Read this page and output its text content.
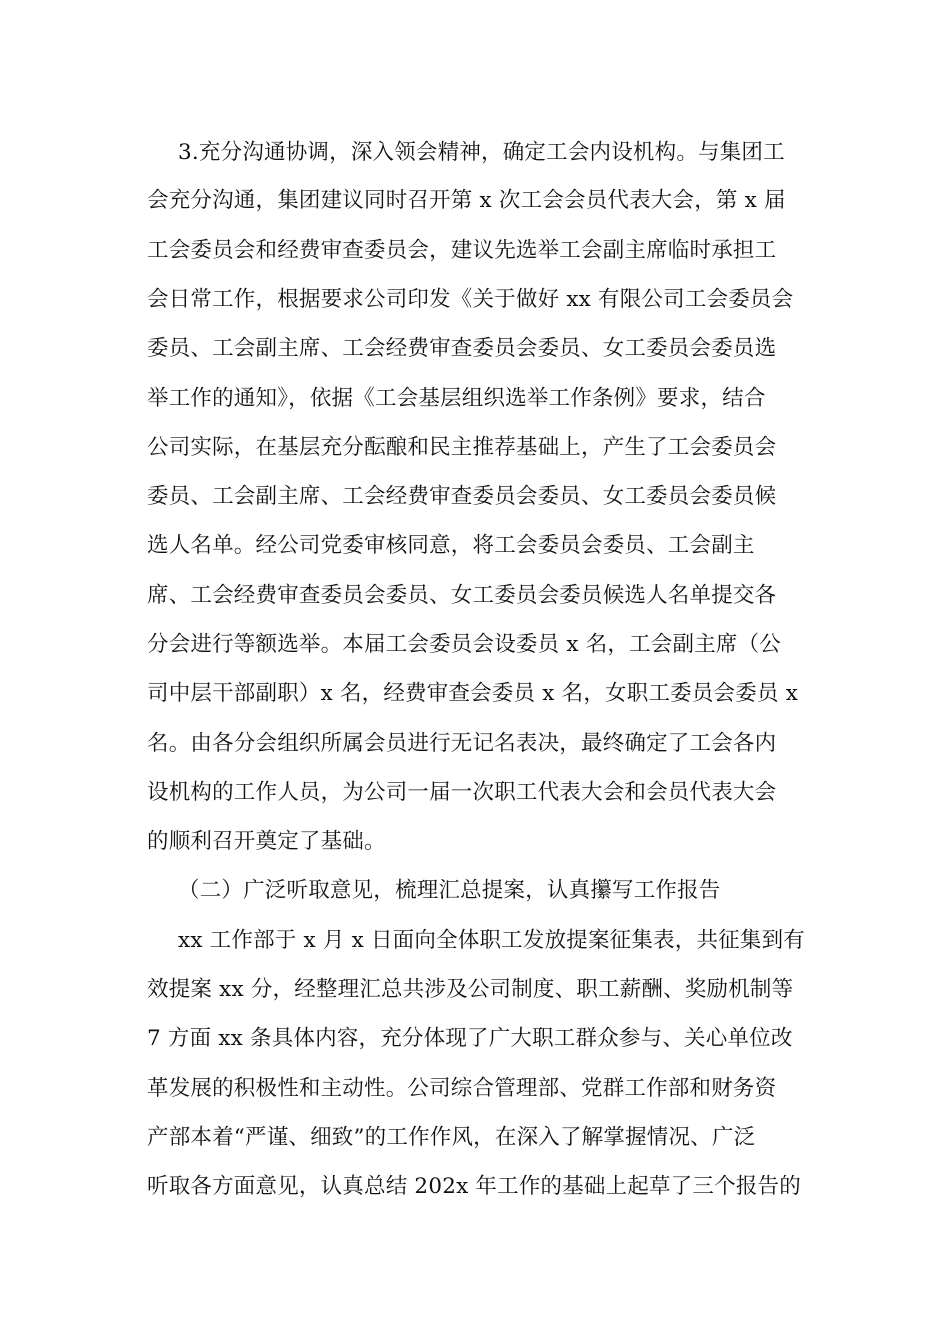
3.充分沟通协调，深入领会精神，确定工会内设机构。与集团工
会充分沟通，集团建议同时召开第 x 次工会会员代表大会，第 x 届
工会委员会和经费审查委员会，建议先选举工会副主席临时承担工
会日常工作，根据要求公司印发《关于做好 xx 有限公司工会委员会
委员、工会副主席、工会经费审查委员会委员、女工委员会委员选
举工作的通知》，依据《工会基层组织选举工作条例》要求，结合
公司实际，在基层充分酝酿和民主推荐基础上，产生了工会委员会
委员、工会副主席、工会经费审查委员会委员、女工委员会委员候
选人名单。经公司党委审核同意，将工会委员会委员、工会副主
席、工会经费审查委员会委员、女工委员会委员候选人名单提交各
分会进行等额选举。本届工会委员会设委员 x 名，工会副主席（公
司中层干部副职）x 名，经费审查会委员 x 名，女职工委员会委员 x
名。由各分会组织所属会员进行无记名表决，最终确定了工会各内
设机构的工作人员，为公司一届一次职工代表大会和会员代表大会
的顺利召开奠定了基础。
（二）广泛听取意见，梳理汇总提案，认真攥写工作报告
xx 工作部于 x 月 x 日面向全体职工发放提案征集表，共征集到有
效提案 xx 分，经整理汇总共涉及公司制度、职工薪酬、奖励机制等
7 方面 xx 条具体内容，充分体现了广大职工群众参与、关心单位改
革发展的积极性和主动性。公司综合管理部、党群工作部和财务资
产部本着“严谨、细致”的工作作风，在深入了解掌握情况、广泛
听取各方面意见，认真总结 202x 年工作的基础上起草了三个报告的
